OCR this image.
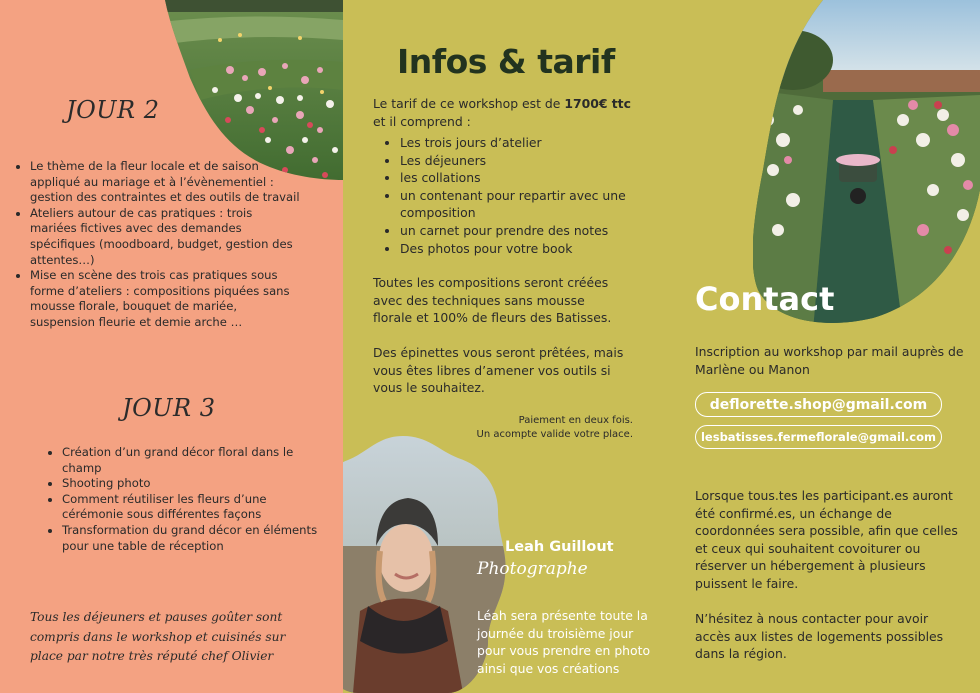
JOUR 2
• Le thème de la fleur locale et de saison appliqué au mariage et à l’évènementiel : gestion des contraintes et des outils de travail
• Ateliers autour de cas pratiques : trois mariées fictives avec des demandes spécifiques (moodboard, budget, gestion des attentes…)
• Mise en scène des trois cas pratiques sous forme d’ateliers : compositions piquées sans mousse florale, bouquet de mariée, suspension fleurie et demie arche …
JOUR 3
• Création d’un grand décor floral dans le champ
• Shooting photo
• Comment réutiliser les fleurs d’une cérémonie sous différentes façons
• Transformation du grand décor en éléments pour une table de réception
Tous les déjeuners et pauses goûter sont compris dans le workshop et cuisinés sur place par notre très réputé chef Olivier
Infos & tarif

Le tarif de ce workshop est de 1700€ ttc
et il comprend :

• Les trois jours d’atelier
• Les déjeuners
• les collations
• un contenant pour repartir avec une composition
• un carnet pour prendre des notes
• Des photos pour votre book

Toutes les compositions seront créées avec des techniques sans mousse florale et 100% de fleurs des Batisses.

Des épinettes vous seront prêtées, mais vous êtes libres d’amener vos outils si vous le souhaitez.

Paiement en deux fois.
Un acompte valide votre place.
Leah Guillout
Photographe

Léah sera présente toute la journée du troisième jour pour vous prendre en photo ainsi que vos créations

Contact

Inscription au workshop par mail auprès de Marlène ou Manon

deflorette.shop@gmail.com
lesbatisses.fermeflorale@gmail.com

Lorsque tous.tes les participant.es auront été confirmé.es, un échange de coordonnées sera possible, afin que celles et ceux qui souhaitent covoiturer ou réserver un hébergement à plusieurs puissent le faire.

N’hésitez à nous contacter pour avoir accès aux listes de logements possibles dans la région.
